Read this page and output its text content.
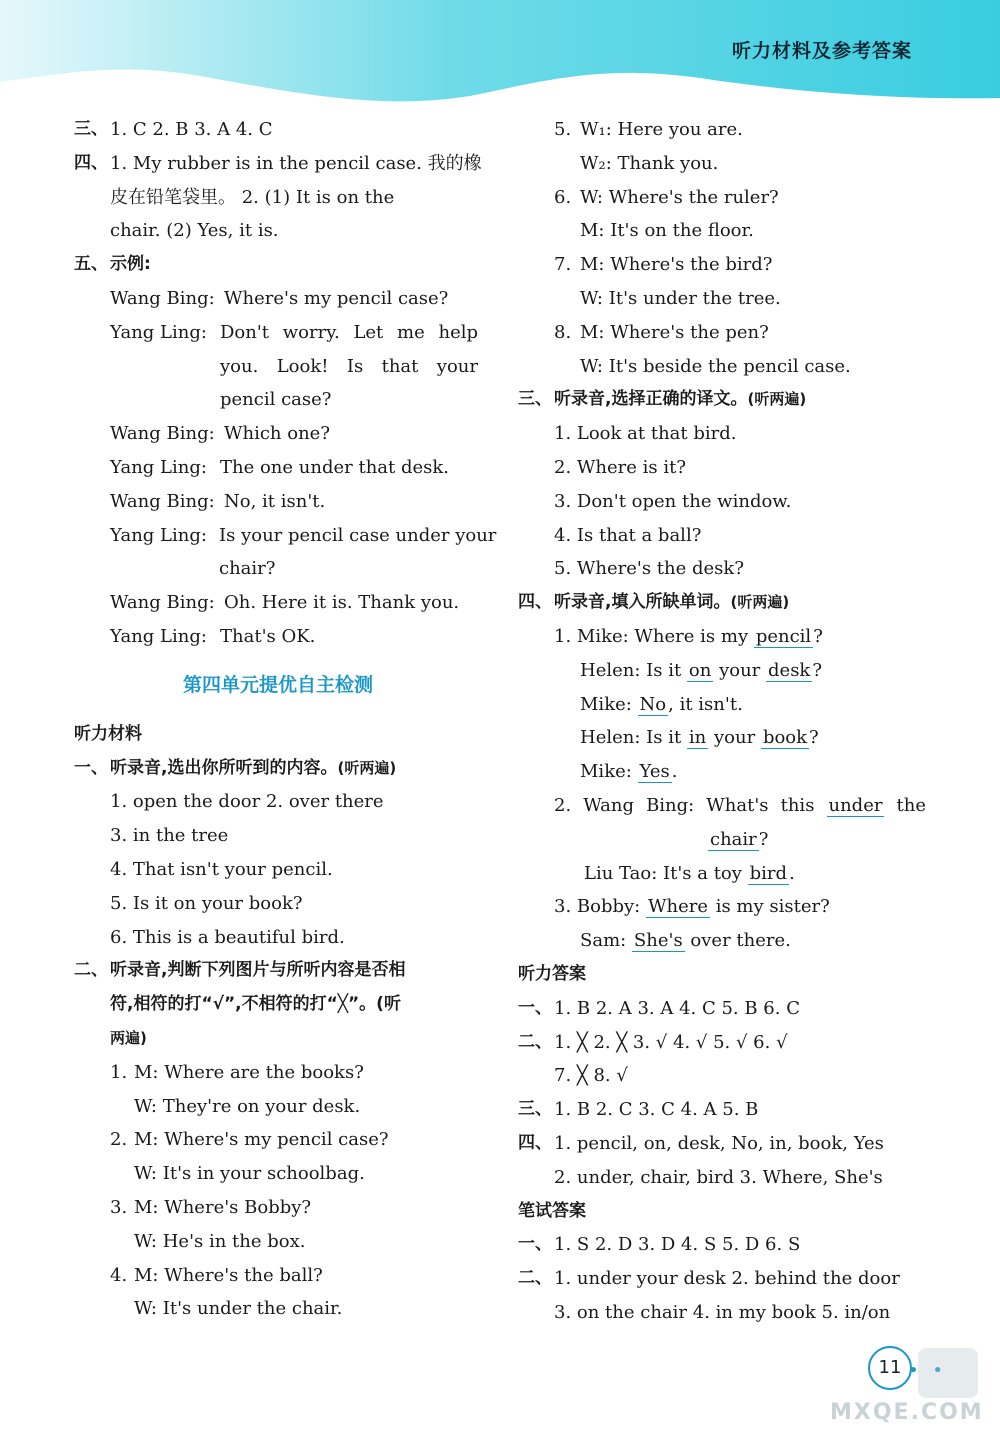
听力材料及参考答案
三、 1. C 2. B 3. A 4. C
四、 1. My rubber is in the pencil case. 我的橡
皮在铅笔袋里。 2. (1) It is on the
chair. (2) Yes, it is.
五、 示例:
Wang Bing: Where's my pencil case?
Yang Ling: Don't worry. Let me help
you. Look! Is that your
pencil case?
Wang Bing: Which one?
Yang Ling: The one under that desk.
Wang Bing: No, it isn't.
Yang Ling: Is your pencil case under your
chair?
Wang Bing: Oh. Here it is. Thank you.
Yang Ling: That's OK.
第四单元提优自主检测
听力材料
一、 听录音,选出你所听到的内容。(听两遍)
1. open the door 2. over there
3. in the tree
4. That isn't your pencil.
5. Is it on your book?
6. This is a beautiful bird.
二、 听录音,判断下列图片与所听内容是否相
符,相符的打“√”,不相符的打“╳”。(听
两遍)
1. M: Where are the books?
W: They're on your desk.
2. M: Where's my pencil case?
W: It's in your schoolbag.
3. M: Where's Bobby?
W: He's in the box.
4. M: Where's the ball?
W: It's under the chair.
5. W₁: Here you are.
W₂: Thank you.
6. W: Where's the ruler?
M: It's on the floor.
7. M: Where's the bird?
W: It's under the tree.
8. M: Where's the pen?
W: It's beside the pencil case.
三、 听录音,选择正确的译文。(听两遍)
1. Look at that bird.
2. Where is it?
3. Don't open the window.
4. Is that a ball?
5. Where's the desk?
四、 听录音,填入所缺单词。(听两遍)
1. Mike: Where is my pencil ?
Helen: Is it on your desk ?
Mike: No , it isn't.
Helen: Is it in your book ?
Mike: Yes .
2. Wang Bing: What's this under the
chair ?
Liu Tao: It's a toy bird .
3. Bobby: Where is my sister?
Sam: She's over there.
听力答案
一、 1. B 2. A 3. A 4. C 5. B 6. C
二、 1. ╳ 2. ╳ 3. √ 4. √ 5. √ 6. √
7. ╳ 8. √
三、 1. B 2. C 3. C 4. A 5. B
四、 1. pencil, on, desk, No, in, book, Yes
2. under, chair, bird 3. Where, She's
笔试答案
一、 1. S 2. D 3. D 4. S 5. D 6. S
二、 1. under your desk 2. behind the door
3. on the chair 4. in my book 5. in/on
11 • •
MXQE.COM
